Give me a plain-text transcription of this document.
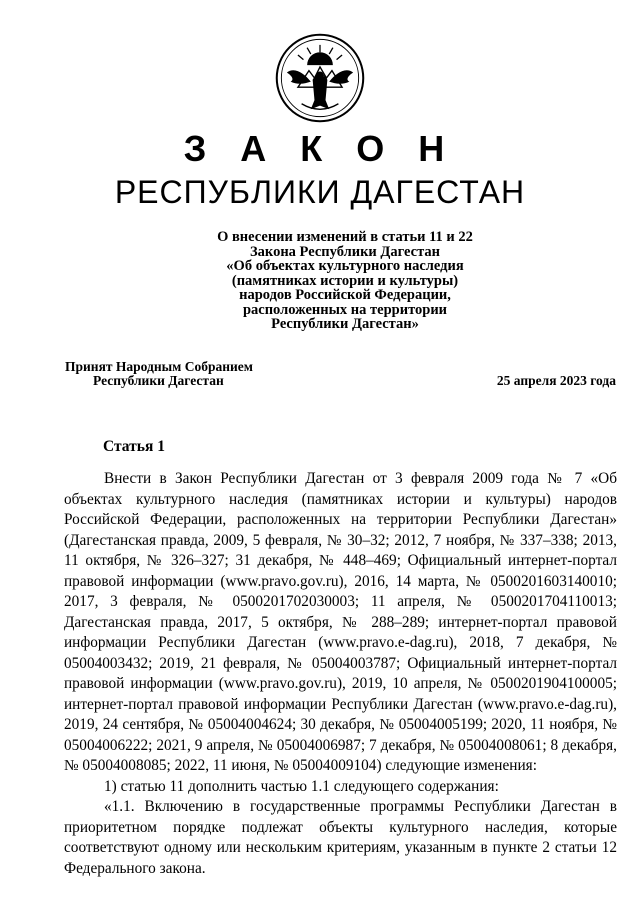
З А К О Н
РЕСПУБЛИКИ ДАГЕСТАН
О внесении изменений в статьи 11 и 22
Закона Республики Дагестан
«Об объектах культурного наследия
(памятниках истории и культуры)
народов Российской Федерации,
расположенных на территории
Республики Дагестан»
Принят Народным Собранием
Республики Дагестан	25 апреля 2023 года
Статья 1

Внести в Закон Республики Дагестан от 3 февраля 2009 года № 7 «Об объектах культурного наследия (памятниках истории и культуры) народов Российской Федерации, расположенных на территории Республики Дагестан» (Дагестанская правда, 2009, 5 февраля, № 30–32; 2012, 7 ноября, № 337–338; 2013, 11 октября, № 326–327; 31 декабря, № 448–469; Официальный интернет-портал правовой информации (www.pravo.gov.ru), 2016, 14 марта, № 0500201603140010; 2017, 3 февраля, № 0500201702030003; 11 апреля, № 0500201704110013; Дагестанская правда, 2017, 5 октября, № 288–289; интернет-портал правовой информации Республики Дагестан (www.pravo.e-dag.ru), 2018, 7 декабря, № 05004003432; 2019, 21 февраля, № 05004003787; Официальный интернет-портал правовой информации (www.pravo.gov.ru), 2019, 10 апреля, № 0500201904100005; интернет-портал правовой информации Республики Дагестан (www.pravo.e-dag.ru), 2019, 24 сентября, № 05004004624; 30 декабря, № 05004005199; 2020, 11 ноября, № 05004006222; 2021, 9 апреля, № 05004006987; 7 декабря, № 05004008061; 8 декабря, № 05004008085; 2022, 11 июня, № 05004009104) следующие изменения:

1) статью 11 дополнить частью 1.1 следующего содержания:

«1.1. Включению в государственные программы Республики Дагестан в приоритетном порядке подлежат объекты культурного наследия, которые соответствуют одному или нескольким критериям, указанным в пункте 2 статьи 12 Федерального закона.
